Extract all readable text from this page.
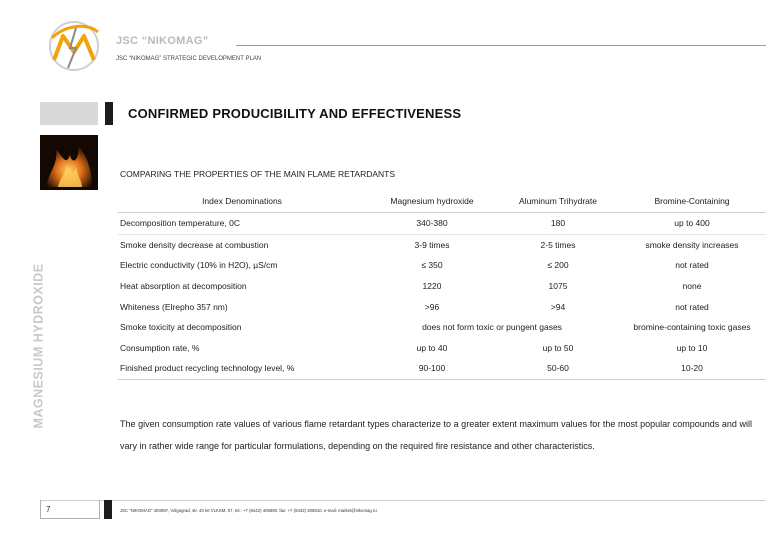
JSC “NIKOMAG”
JSC “NIKOMAG” STRATEGIC DEVELOPMENT PLAN
CONFIRMED PRODUCIBILITY AND EFFECTIVENESS
MAGNESIUM HYDROXIDE
COMPARING THE PROPERTIES OF THE MAIN FLAME RETARDANTS
Index Denominations	Magnesium hydroxide	Aluminum Trihydrate	Bromine-Containing
Decomposition temperature, 0C	340-380	180	up to 400
Smoke density decrease at combustion	3-9 times	2-5 times	smoke density increases
Electric conductivity (10% in H2O), µS/cm	≤ 350	≤ 200	not rated
Heat absorption at decomposition	1220	1075	none
Whiteness (Elrepho 357 nm)	>96	>94	not rated
Smoke toxicity at decomposition	does not form toxic or pungent gases		bromine-containing toxic gases
Consumption rate, %	up to 40	up to 50	up to 10
Finished product recycling technology level, %	90-100	50-60	10-20
The given consumption rate values of various flame retardant types characterize to a greater extent maximum values for the most popular compounds and will vary in rather wide range for particular formulations, depending on the required fire resistance and other characteristics.
7	JSC “NIKOMAG” 400087, Volgograd, str. 40 let VLKSM, 57, tel.: +7 (8442) 405890, fax: +7 (8442) 405810, e-mail: market@nikomag.ru
